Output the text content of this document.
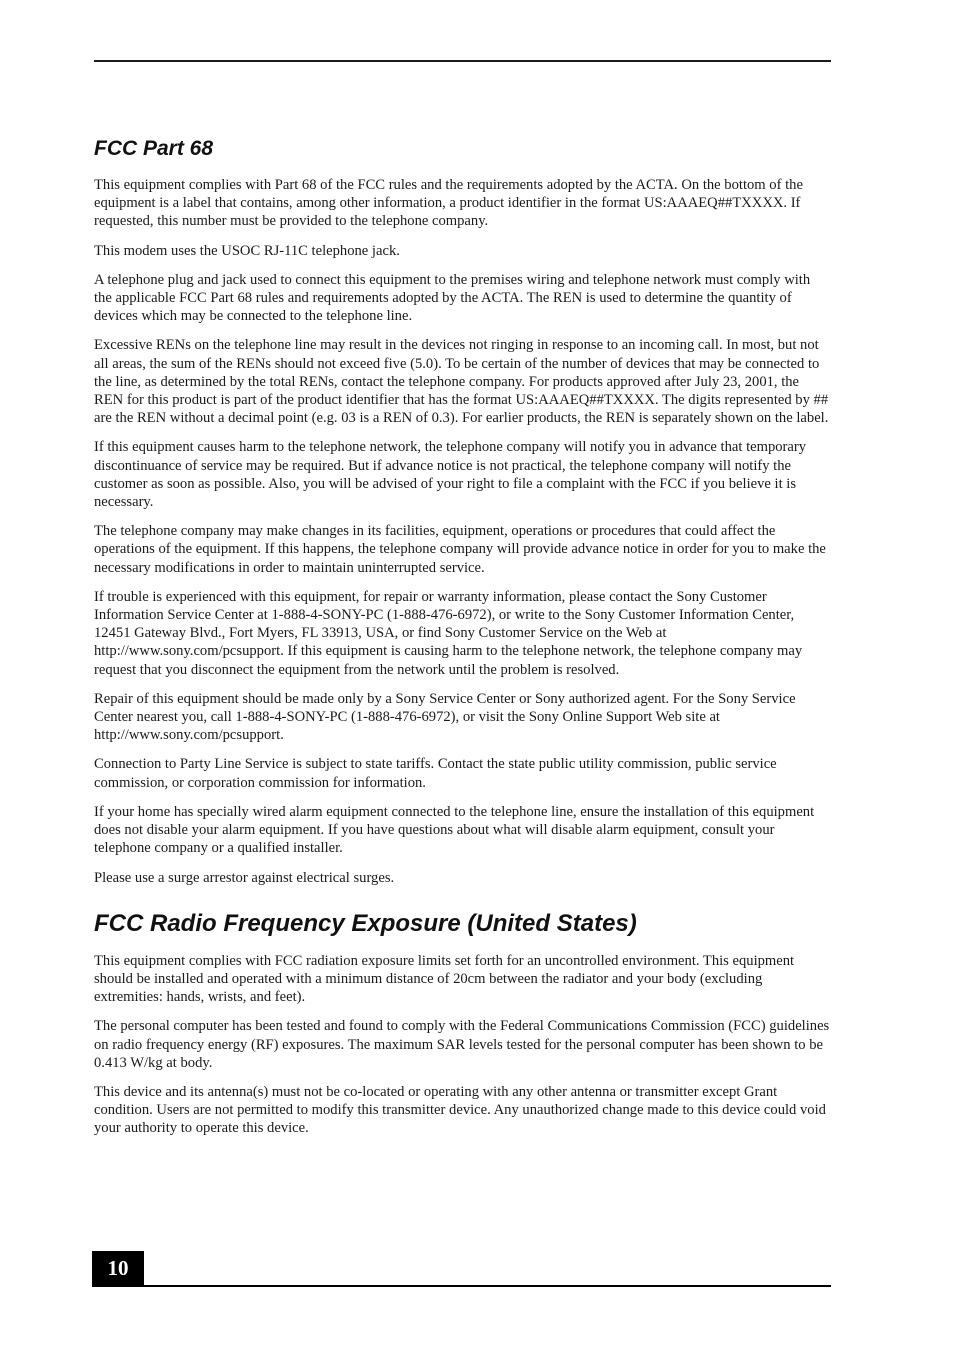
FCC Part 68

This equipment complies with Part 68 of the FCC rules and the requirements adopted by the ACTA. On the bottom of the equipment is a label that contains, among other information, a product identifier in the format US:AAAEQ##TXXXX. If requested, this number must be provided to the telephone company.

This modem uses the USOC RJ-11C telephone jack.

A telephone plug and jack used to connect this equipment to the premises wiring and telephone network must comply with the applicable FCC Part 68 rules and requirements adopted by the ACTA. The REN is used to determine the quantity of devices which may be connected to the telephone line.

Excessive RENs on the telephone line may result in the devices not ringing in response to an incoming call. In most, but not all areas, the sum of the RENs should not exceed five (5.0). To be certain of the number of devices that may be connected to the line, as determined by the total RENs, contact the telephone company. For products approved after July 23, 2001, the REN for this product is part of the product identifier that has the format US:AAAEQ##TXXXX. The digits represented by ## are the REN without a decimal point (e.g. 03 is a REN of 0.3). For earlier products, the REN is separately shown on the label.

If this equipment causes harm to the telephone network, the telephone company will notify you in advance that temporary discontinuance of service may be required. But if advance notice is not practical, the telephone company will notify the customer as soon as possible. Also, you will be advised of your right to file a complaint with the FCC if you believe it is necessary.

The telephone company may make changes in its facilities, equipment, operations or procedures that could affect the operations of the equipment. If this happens, the telephone company will provide advance notice in order for you to make the necessary modifications in order to maintain uninterrupted service.

If trouble is experienced with this equipment, for repair or warranty information, please contact the Sony Customer Information Service Center at 1-888-4-SONY-PC (1-888-476-6972), or write to the Sony Customer Information Center, 12451 Gateway Blvd., Fort Myers, FL 33913, USA, or find Sony Customer Service on the Web at http://www.sony.com/pcsupport. If this equipment is causing harm to the telephone network, the telephone company may request that you disconnect the equipment from the network until the problem is resolved.

Repair of this equipment should be made only by a Sony Service Center or Sony authorized agent. For the Sony Service Center nearest you, call 1-888-4-SONY-PC (1-888-476-6972), or visit the Sony Online Support Web site at http://www.sony.com/pcsupport.

Connection to Party Line Service is subject to state tariffs. Contact the state public utility commission, public service commission, or corporation commission for information.

If your home has specially wired alarm equipment connected to the telephone line, ensure the installation of this equipment does not disable your alarm equipment. If you have questions about what will disable alarm equipment, consult your telephone company or a qualified installer.

Please use a surge arrestor against electrical surges.

FCC Radio Frequency Exposure (United States)

This equipment complies with FCC radiation exposure limits set forth for an uncontrolled environment. This equipment should be installed and operated with a minimum distance of 20cm between the radiator and your body (excluding extremities: hands, wrists, and feet).

The personal computer has been tested and found to comply with the Federal Communications Commission (FCC) guidelines on radio frequency energy (RF) exposures. The maximum SAR levels tested for the personal computer has been shown to be 0.413 W/kg at body.

This device and its antenna(s) must not be co-located or operating with any other antenna or transmitter except Grant condition. Users are not permitted to modify this transmitter device. Any unauthorized change made to this device could void your authority to operate this device.

10
